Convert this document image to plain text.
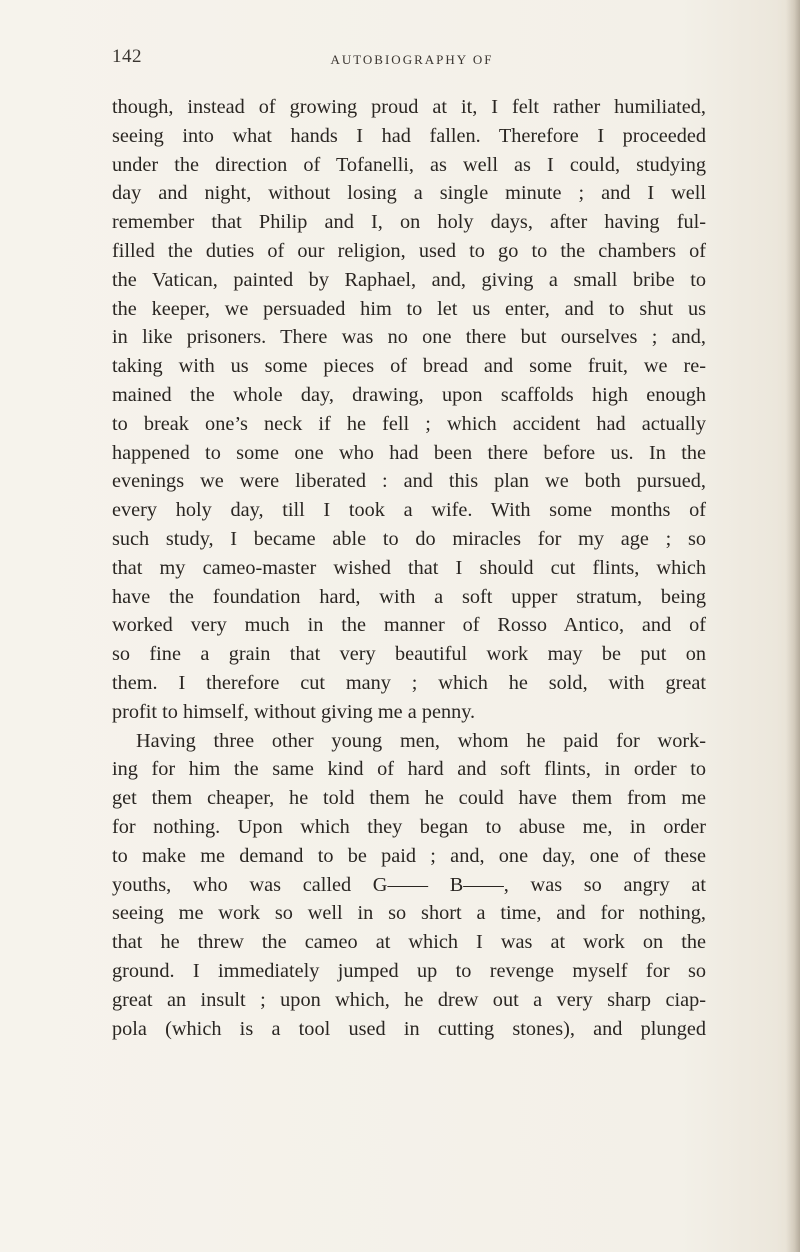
142	AUTOBIOGRAPHY OF
though, instead of growing proud at it, I felt rather humiliated,
seeing into what hands I had fallen. Therefore I proceeded
under the direction of Tofanelli, as well as I could, studying
day and night, without losing a single minute ; and I well
remember that Philip and I, on holy days, after having ful-
filled the duties of our religion, used to go to the chambers of
the Vatican, painted by Raphael, and, giving a small bribe to
the keeper, we persuaded him to let us enter, and to shut us
in like prisoners. There was no one there but ourselves ; and,
taking with us some pieces of bread and some fruit, we re-
mained the whole day, drawing, upon scaffolds high enough
to break one’s neck if he fell ; which accident had actually
happened to some one who had been there before us. In the
evenings we were liberated : and this plan we both pursued,
every holy day, till I took a wife. With some months of
such study, I became able to do miracles for my age ; so
that my cameo-master wished that I should cut flints, which
have the foundation hard, with a soft upper stratum, being
worked very much in the manner of Rosso Antico, and of
so fine a grain that very beautiful work may be put on
them. I therefore cut many ; which he sold, with great
profit to himself, without giving me a penny.
Having three other young men, whom he paid for work-
ing for him the same kind of hard and soft flints, in order to
get them cheaper, he told them he could have them from me
for nothing. Upon which they began to abuse me, in order
to make me demand to be paid ; and, one day, one of these
youths, who was called G—— B——, was so angry at
seeing me work so well in so short a time, and for nothing,
that he threw the cameo at which I was at work on the
ground. I immediately jumped up to revenge myself for so
great an insult ; upon which, he drew out a very sharp ciap-
pola (which is a tool used in cutting stones), and plunged
